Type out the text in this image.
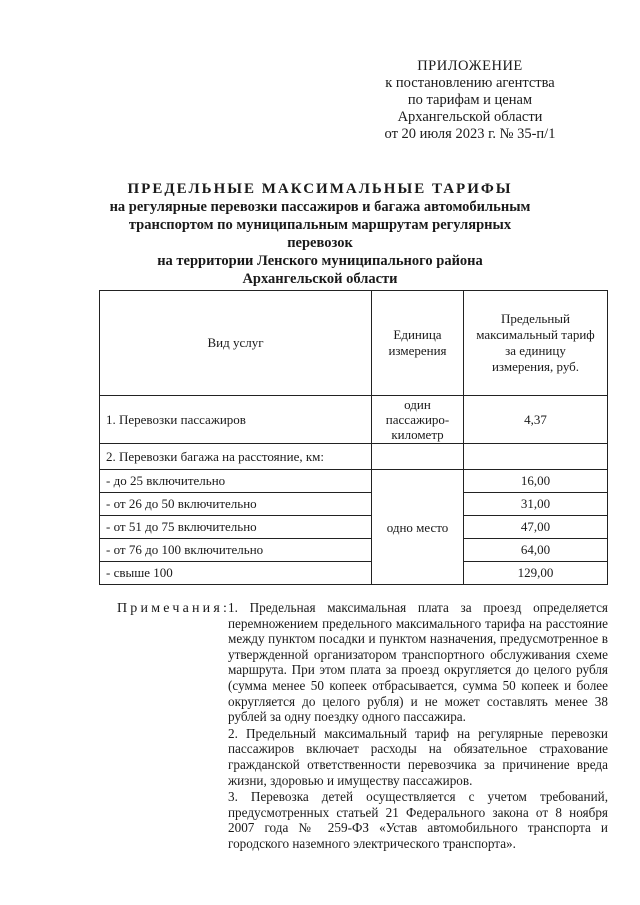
ПРИЛОЖЕНИЕ
к постановлению агентства
по тарифам и ценам
Архангельской области
от 20 июля 2023 г. № 35-п/1
ПРЕДЕЛЬНЫЕ МАКСИМАЛЬНЫЕ ТАРИФЫ
на регулярные перевозки пассажиров и багажа автомобильным
транспортом по муниципальным маршрутам регулярных перевозок
на территории Ленского муниципального района
Архангельской области
Вид услуг	Единица измерения	Предельный максимальный тариф за единицу измерения, руб.
1. Перевозки пассажиров	один пассажиро-километр	4,37
2. Перевозки багажа на расстояние, км:		
- до 25 включительно	одно место	16,00
- от 26 до 50 включительно		31,00
- от 51 до 75 включительно		47,00
- от 76 до 100 включительно		64,00
- свыше 100		129,00
Примечания:

1. Предельная максимальная плата за проезд определяется перемножением предельного максимального тарифа на расстояние между пунктом посадки и пунктом назначения, предусмотренное в утвержденной организатором транспортного обслуживания схеме маршрута. При этом плата за проезд округляется до целого рубля (сумма менее 50 копеек отбрасывается, сумма 50 копеек и более округляется до целого рубля) и не может составлять менее 38 рублей за одну поездку одного пассажира.

2. Предельный максимальный тариф на регулярные перевозки пассажиров включает расходы на обязательное страхование гражданской ответственности перевозчика за причинение вреда жизни, здоровью и имуществу пассажиров.

3. Перевозка детей осуществляется с учетом требований, предусмотренных статьей 21 Федерального закона от 8 ноября 2007 года № 259-ФЗ «Устав автомобильного транспорта и городского наземного электрического транспорта».
